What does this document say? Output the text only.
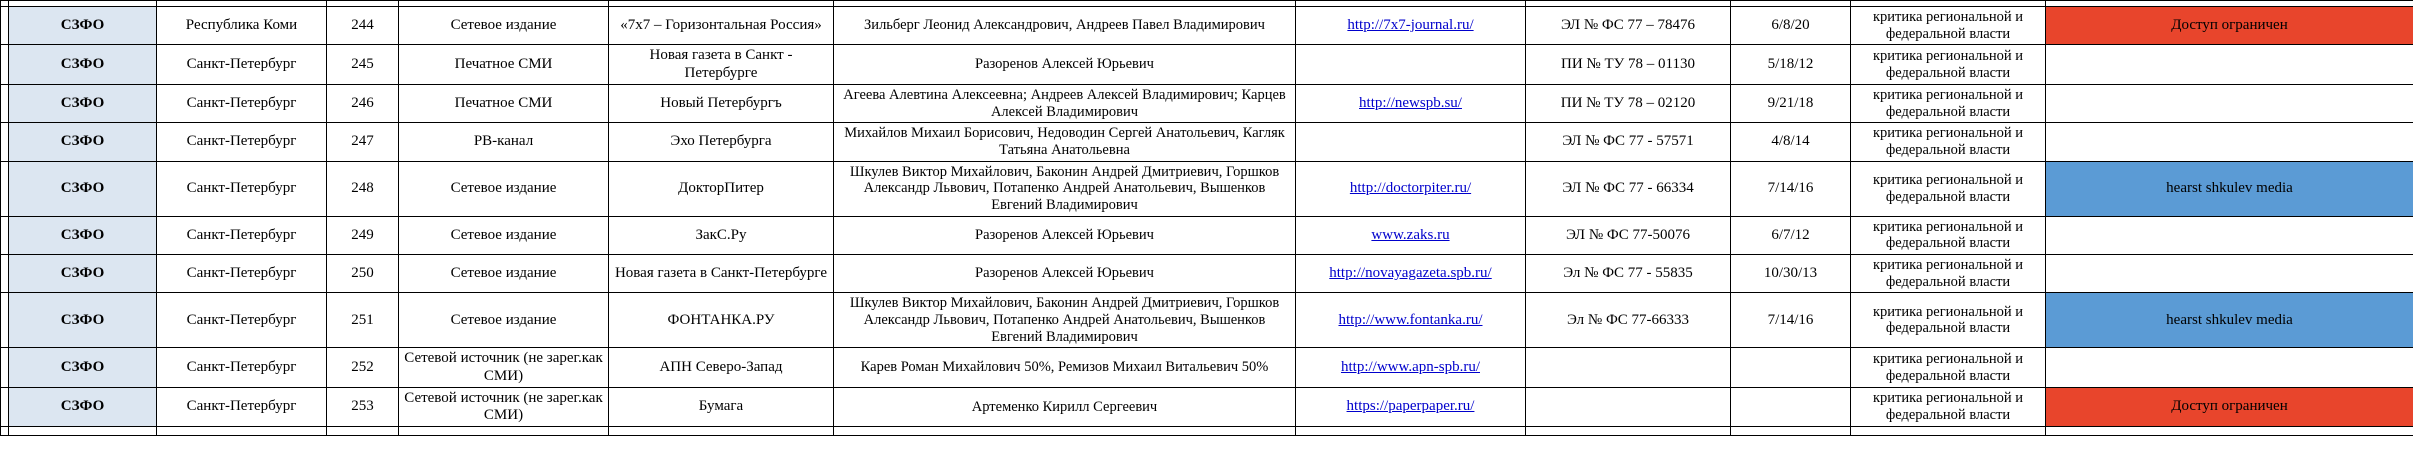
	СЗФО	Республика Коми	244	Сетевое издание	«7х7 – Горизонтальная Россия»	Зильберг Леонид Александрович, Андреев Павел Владимирович	http://7x7-journal.ru/	ЭЛ № ФС 77 – 78476	6/8/20	критика региональной и федеральной власти	Доступ ограничен
	СЗФО	Санкт-Петербург	245	Печатное СМИ	Новая газета в Санкт - Петербурге	Разоренов Алексей Юрьевич		ПИ № ТУ 78 – 01130	5/18/12	критика региональной и федеральной власти	
	СЗФО	Санкт-Петербург	246	Печатное СМИ	Новый Петербургъ	Агеева Алевтина Алексеевна; Андреев Алексей Владимирович; Карцев Алексей Владимирович	http://newspb.su/	ПИ № ТУ 78 – 02120	9/21/18	критика региональной и федеральной власти	
	СЗФО	Санкт-Петербург	247	РВ-канал	Эхо Петербурга	Михайлов Михаил Борисович, Недоводин Сергей Анатольевич, Кагляк Татьяна Анатольевна		ЭЛ № ФС 77 - 57571	4/8/14	критика региональной и федеральной власти	
	СЗФО	Санкт-Петербург	248	Сетевое издание	ДокторПитер	Шкулев Виктор Михайлович, Баконин Андрей Дмитриевич, Горшков Александр Львович, Потапенко Андрей Анатольевич, Вышенков Евгений Владимирович	http://doctorpiter.ru/	ЭЛ № ФС 77 - 66334	7/14/16	критика региональной и федеральной власти	hearst shkulev media
	СЗФО	Санкт-Петербург	249	Сетевое издание	ЗакС.Ру	Разоренов Алексей Юрьевич	www.zaks.ru	ЭЛ № ФС 77-50076	6/7/12	критика региональной и федеральной власти	
	СЗФО	Санкт-Петербург	250	Сетевое издание	Новая газета в Санкт-Петербурге	Разоренов Алексей Юрьевич	http://novayagazeta.spb.ru/	Эл № ФС 77 - 55835	10/30/13	критика региональной и федеральной власти	
	СЗФО	Санкт-Петербург	251	Сетевое издание	ФОНТАНКА.РУ	Шкулев Виктор Михайлович, Баконин Андрей Дмитриевич, Горшков Александр Львович, Потапенко Андрей Анатольевич, Вышенков Евгений Владимирович	http://www.fontanka.ru/	Эл № ФС 77-66333	7/14/16	критика региональной и федеральной власти	hearst shkulev media
	СЗФО	Санкт-Петербург	252	Сетевой источник (не зарег.как СМИ)	АПН Северо-Запад	Карев Роман Михайлович 50%, Ремизов Михаил Витальевич 50%	http://www.apn-spb.ru/			критика региональной и федеральной власти	
	СЗФО	Санкт-Петербург	253	Сетевой источник (не зарег.как СМИ)	Бумага	Артеменко Кирилл Сергеевич	https://paperpaper.ru/			критика региональной и федеральной власти	Доступ ограничен
